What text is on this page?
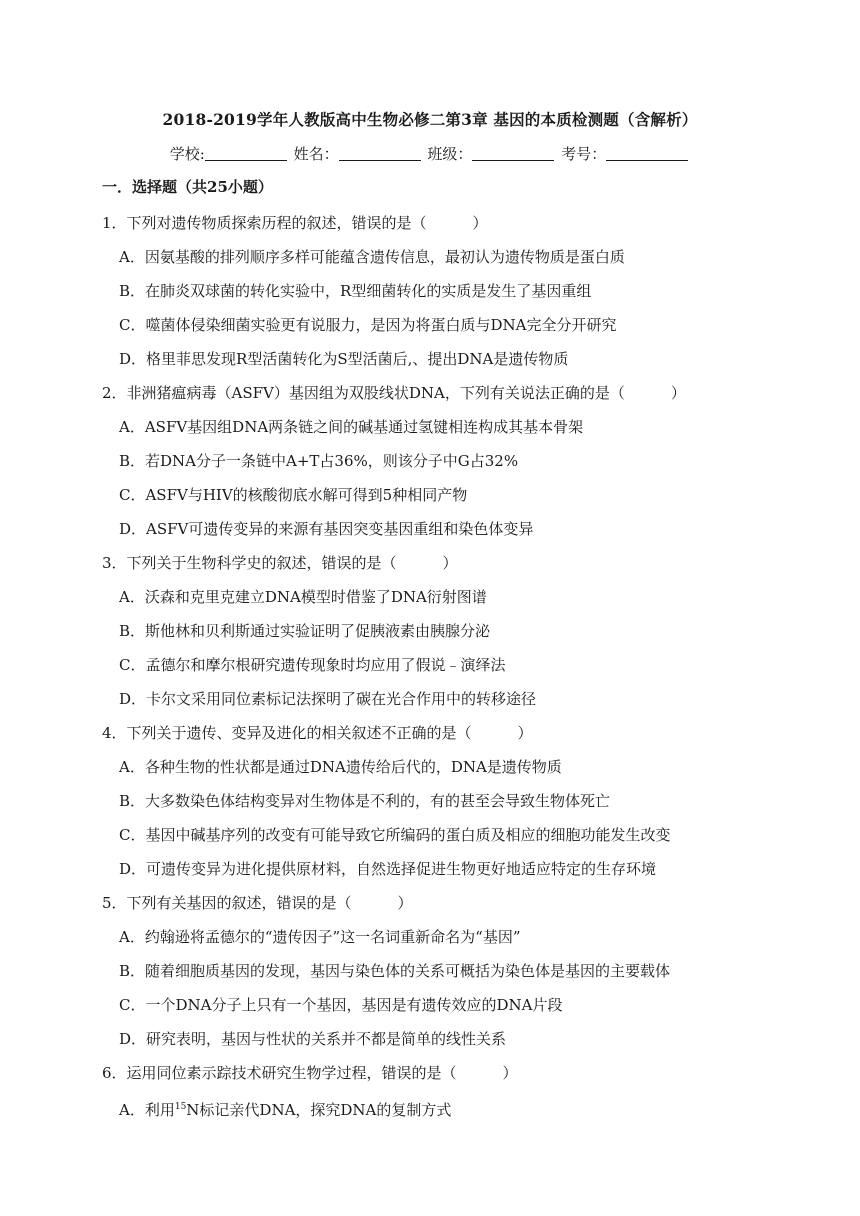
2018-2019学年人教版高中生物必修二第3章 基因的本质检测题（含解析）
学校:	姓名：	班级：	考号：
一．选择题（共25小题）
1．下列对遗传物质探索历程的叙述，错误的是（	）
A．因氨基酸的排列顺序多样可能蕴含遗传信息，最初认为遗传物质是蛋白质
B．在肺炎双球菌的转化实验中，R型细菌转化的实质是发生了基因重组
C．噬菌体侵染细菌实验更有说服力，是因为将蛋白质与DNA完全分开研究
D．格里菲思发现R型活菌转化为S型活菌后,、提出DNA是遗传物质
2．非洲猪瘟病毒（ASFV）基因组为双股线状DNA，下列有关说法正确的是（	）
A．ASFV基因组DNA两条链之间的碱基通过氢键相连构成其基本骨架
B．若DNA分子一条链中A+T占36%，则该分子中G占32%
C．ASFV与HIV的核酸彻底水解可得到5种相同产物
D．ASFV可遗传变异的来源有基因突变基因重组和染色体变异
3．下列关于生物科学史的叙述，错误的是（	）
A．沃森和克里克建立DNA模型时借鉴了DNA衍射图谱
B．斯他林和贝利斯通过实验证明了促胰液素由胰腺分泌
C．孟德尔和摩尔根研究遗传现象时均应用了假说﹣演绎法
D．卡尔文采用同位素标记法探明了碳在光合作用中的转移途径
4．下列关于遗传、变异及进化的相关叙述不正确的是（	）
A．各种生物的性状都是通过DNA遗传给后代的，DNA是遗传物质
B．大多数染色体结构变异对生物体是不利的，有的甚至会导致生物体死亡
C．基因中碱基序列的改变有可能导致它所编码的蛋白质及相应的细胞功能发生改变
D．可遗传变异为进化提供原材料，自然选择促进生物更好地适应特定的生存环境
5．下列有关基因的叙述，错误的是（	）
A．约翰逊将孟德尔的“遗传因子”这一名词重新命名为“基因”
B．随着细胞质基因的发现，基因与染色体的关系可概括为染色体是基因的主要载体
C．一个DNA分子上只有一个基因，基因是有遗传效应的DNA片段
D．研究表明，基因与性状的关系并不都是简单的线性关系
6．运用同位素示踪技术研究生物学过程，错误的是（	）
A．利用$^{15}$N标记亲代DNA，探究DNA的复制方式
